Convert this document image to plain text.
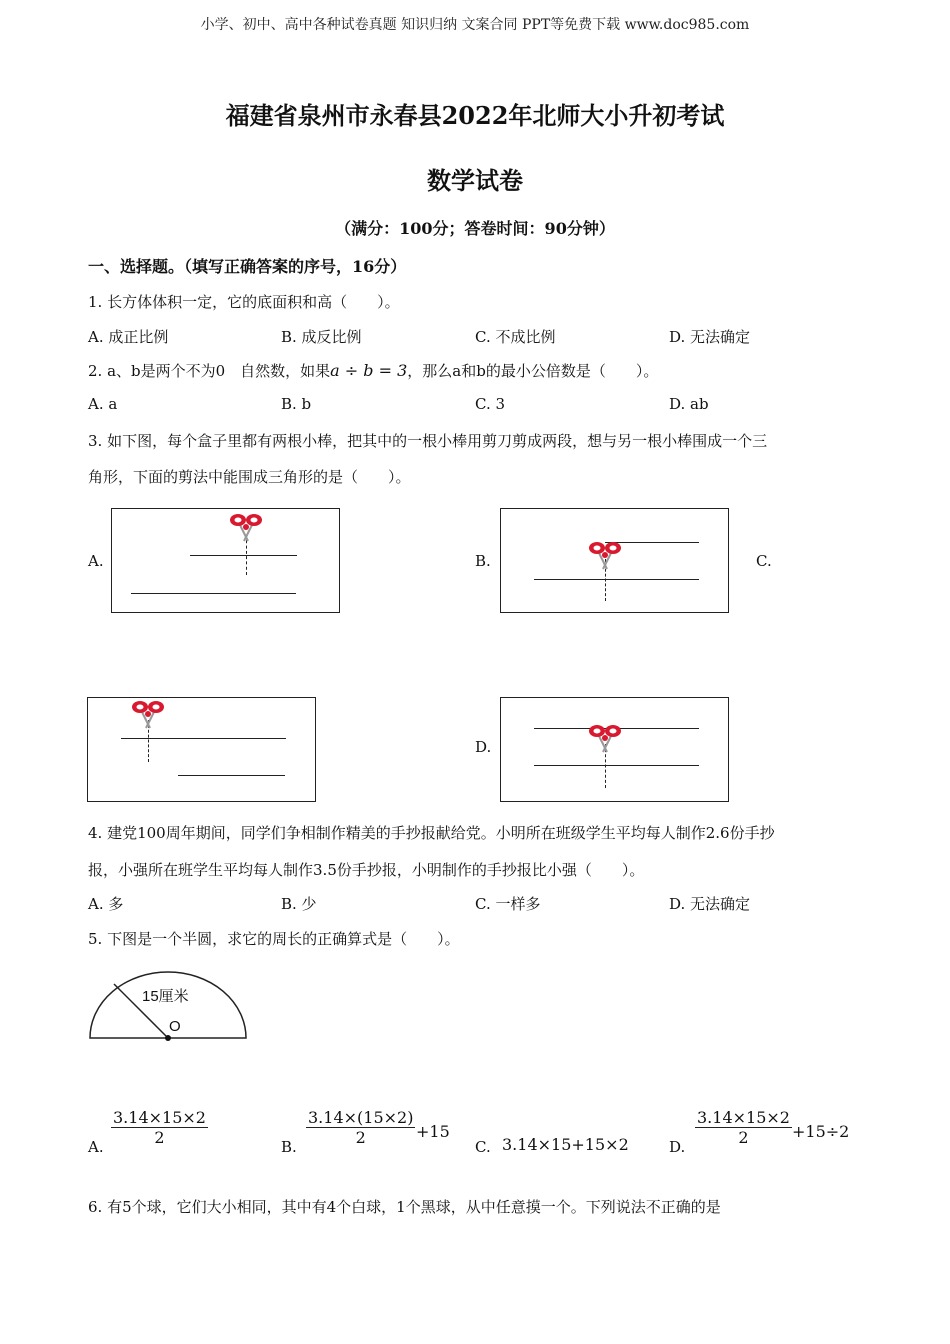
小学、初中、高中各种试卷真题 知识归纳 文案合同 PPT等免费下载 www.doc985.com
福建省泉州市永春县2022年北师大小升初考试
数学试卷
（满分：100分；答卷时间：90分钟）
一、选择题。（填写正确答案的序号，16分）
1. 长方体体积一定，它的底面积和高（　　）。
A. 成正比例	B. 成反比例	C. 不成比例	D. 无法确定
2. a、b是两个不为0　自然数，如果a ÷ b = 3，那么a和b的最小公倍数是（　　）。
A. a	B. b	C. 3	D. ab
3. 如下图，每个盒子里都有两根小棒，把其中的一根小棒用剪刀剪成两段，想与另一根小棒围成一个三
角形，下面的剪法中能围成三角形的是（　　）。
A.	B.	C.
D.
4. 建党100周年期间，同学们争相制作精美的手抄报献给党。小明所在班级学生平均每人制作2.6份手抄
报，小强所在班学生平均每人制作3.5份手抄报，小明制作的手抄报比小强（　　）。
A. 多	B. 少	C. 一样多	D. 无法确定
5. 下图是一个半圆，求它的周长的正确算式是（　　）。
15厘米
O
A. $\frac{3.14\times 15\times 2}{2}$	B. $\frac{3.14\times(15\times 2)}{2} +15$
C. 3.14×15+15×2	D. $\frac{3.14\times 15\times 2}{2} +15\div 2$
6. 有5个球，它们大小相同，其中有4个白球，1个黑球，从中任意摸一个。下列说法不正确的是
